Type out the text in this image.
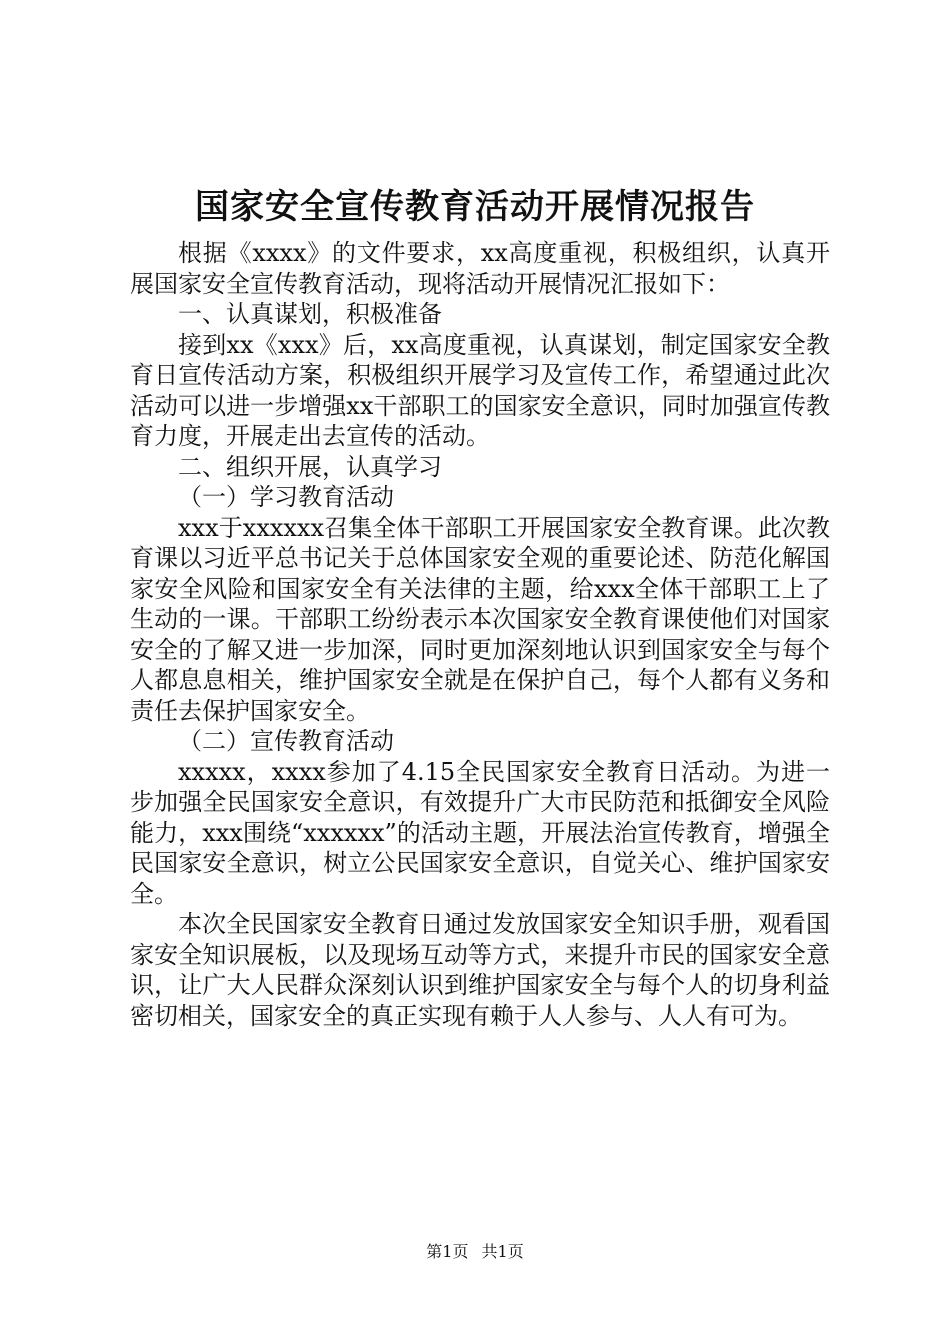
国家安全宣传教育活动开展情况报告

根据《xxxx》的文件要求，xx高度重视，积极组织，认真开展国家安全宣传教育活动，现将活动开展情况汇报如下：

一、认真谋划，积极准备

接到xx《xxx》后，xx高度重视，认真谋划，制定国家安全教育日宣传活动方案，积极组织开展学习及宣传工作，希望通过此次活动可以进一步增强xx干部职工的国家安全意识，同时加强宣传教育力度，开展走出去宣传的活动。

二、组织开展，认真学习

（一）学习教育活动

xxx于xxxxxx召集全体干部职工开展国家安全教育课。此次教育课以习近平总书记关于总体国家安全观的重要论述、防范化解国家安全风险和国家安全有关法律的主题，给xxx全体干部职工上了生动的一课。干部职工纷纷表示本次国家安全教育课使他们对国家安全的了解又进一步加深，同时更加深刻地认识到国家安全与每个人都息息相关，维护国家安全就是在保护自己，每个人都有义务和责任去保护国家安全。

（二）宣传教育活动

xxxxx，xxxx参加了4.15全民国家安全教育日活动。为进一步加强全民国家安全意识，有效提升广大市民防范和抵御安全风险能力，xxx围绕“xxxxxx”的活动主题，开展法治宣传教育，增强全民国家安全意识，树立公民国家安全意识，自觉关心、维护国家安全。

本次全民国家安全教育日通过发放国家安全知识手册，观看国家安全知识展板，以及现场互动等方式，来提升市民的国家安全意识，让广大人民群众深刻认识到维护国家安全与每个人的切身利益密切相关，国家安全的真正实现有赖于人人参与、人人有可为。

第1页 共1页
